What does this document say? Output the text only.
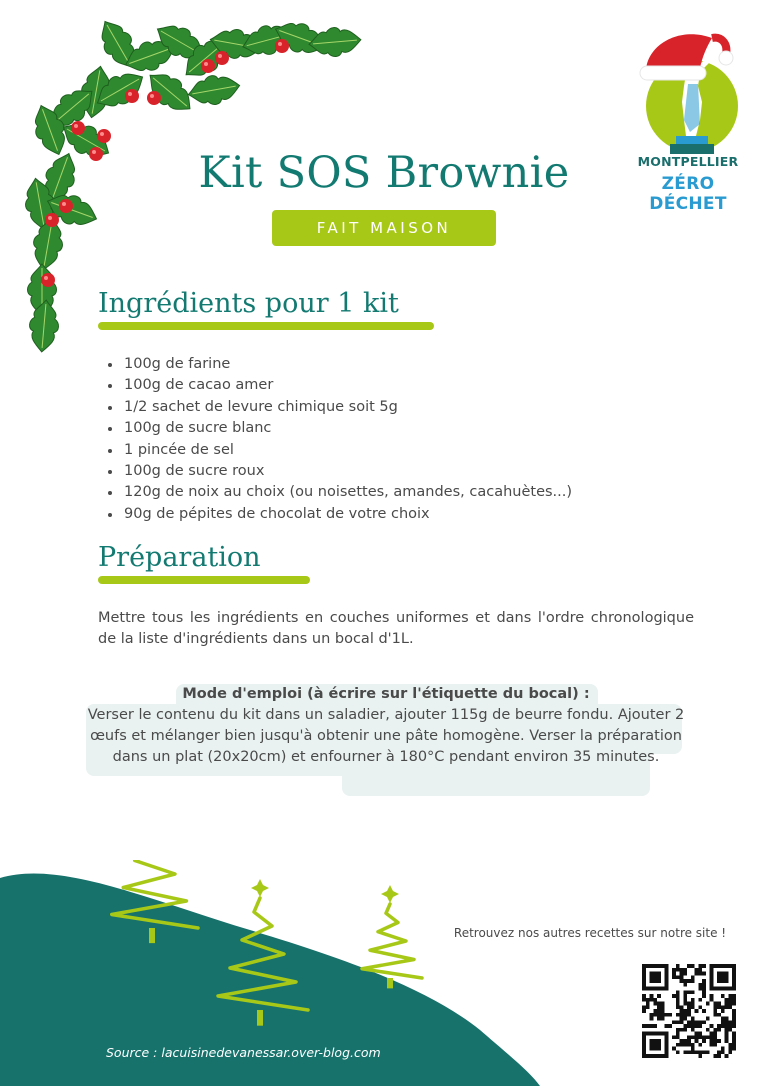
MONTPELLIER
ZÉRO DÉCHET
Kit SOS Brownie
FAIT MAISON
Ingrédients pour 1 kit
• 100g de farine
• 100g de cacao amer
• 1/2 sachet de levure chimique soit 5g
• 100g de sucre blanc
• 1 pincée de sel
• 100g de sucre roux
• 120g de noix au choix (ou noisettes, amandes, cacahuètes...)
• 90g de pépites de chocolat de votre choix
Préparation
Mettre tous les ingrédients en couches uniformes et dans l'ordre chronologique de la liste d'ingrédients dans un bocal d'1L.
Mode d'emploi (à écrire sur l'étiquette du bocal) :
Verser le contenu du kit dans un saladier, ajouter 115g de beurre fondu. Ajouter 2 œufs et mélanger bien jusqu'à obtenir une pâte homogène. Verser la préparation dans un plat (20x20cm) et enfourner à 180°C pendant environ 35 minutes.
Retrouvez nos autres recettes sur notre site !
Source : lacuisinedevanessar.over-blog.com
